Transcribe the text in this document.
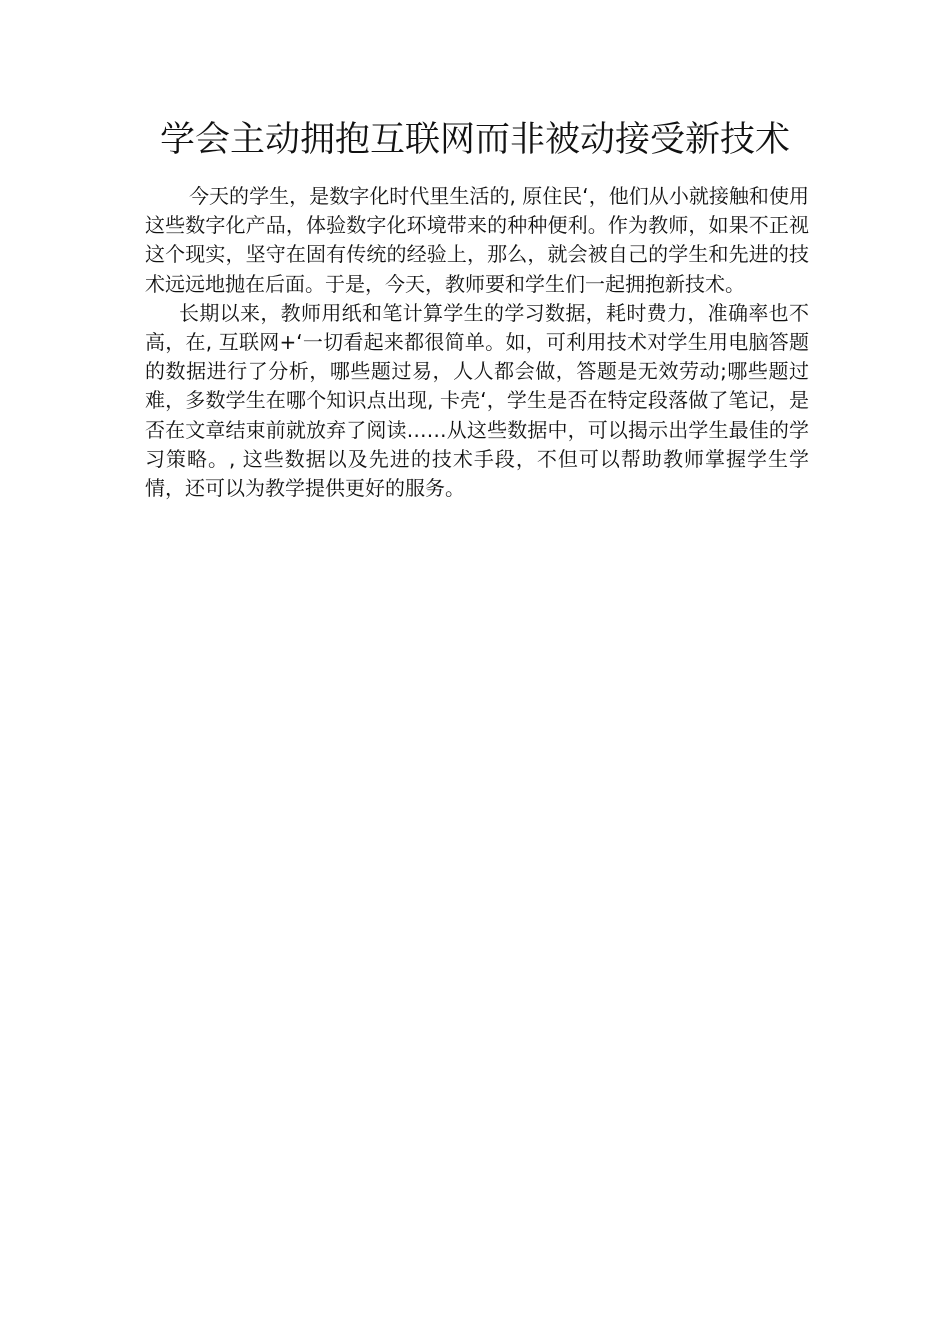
学会主动拥抱互联网而非被动接受新技术

今天的学生，是数字化时代里生活的, 原住民‘，他们从小就接触和使用这些数字化产品，体验数字化环境带来的种种便利。作为教师，如果不正视这个现实，坚守在固有传统的经验上，那么，就会被自己的学生和先进的技术远远地抛在后面。于是，今天，教师要和学生们一起拥抱新技术。

长期以来，教师用纸和笔计算学生的学习数据，耗时费力，准确率也不高，在, 互联网+‘一切看起来都很简单。如，可利用技术对学生用电脑答题的数据进行了分析，哪些题过易，人人都会做，答题是无效劳动;哪些题过难，多数学生在哪个知识点出现, 卡壳‘，学生是否在特定段落做了笔记，是否在文章结束前就放弃了阅读……从这些数据中，可以揭示出学生最佳的学习策略。, 这些数据以及先进的技术手段，不但可以帮助教师掌握学生学情，还可以为教学提供更好的服务。
